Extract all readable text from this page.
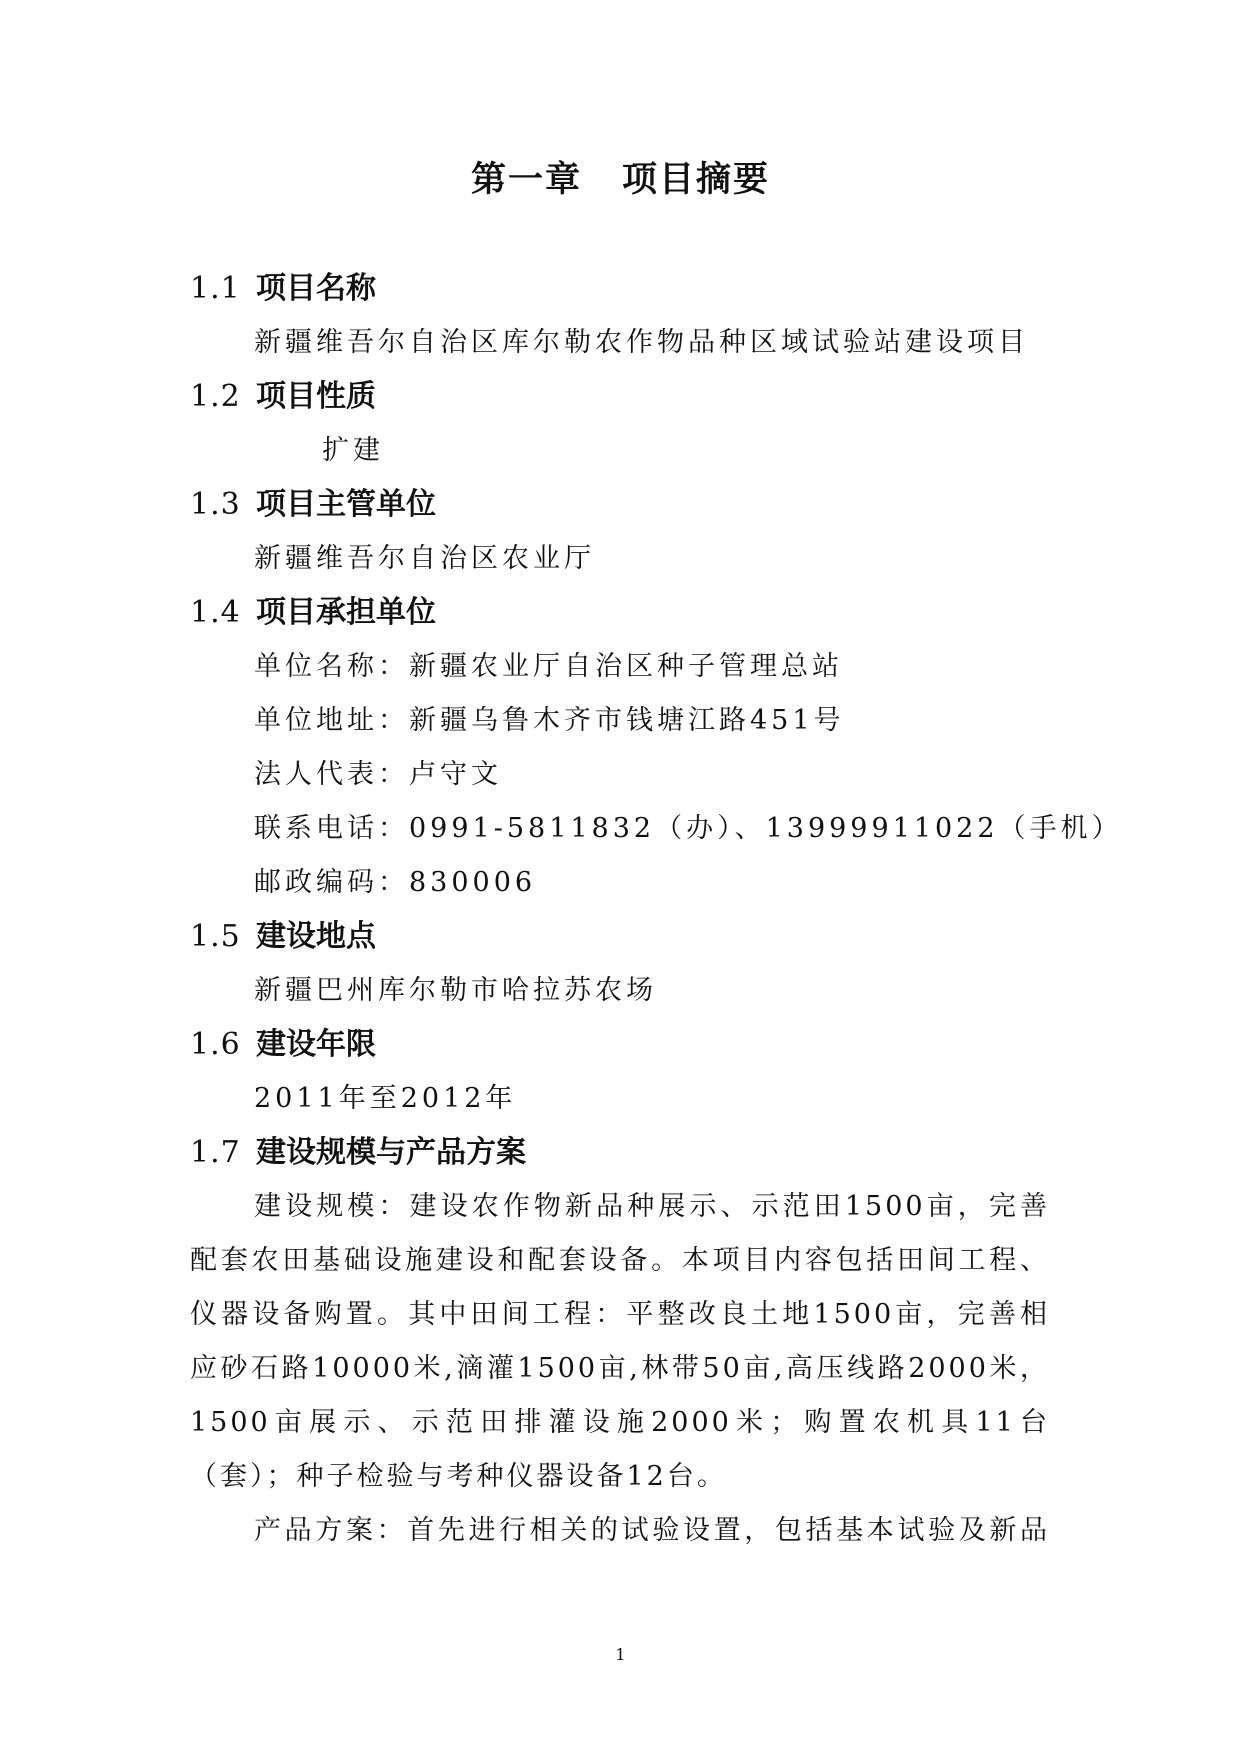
第一章 项目摘要
1.1 项目名称
新疆维吾尔自治区库尔勒农作物品种区域试验站建设项目
1.2 项目性质
扩建
1.3 项目主管单位
新疆维吾尔自治区农业厅
1.4 项目承担单位
单位名称：新疆农业厅自治区种子管理总站
单位地址：新疆乌鲁木齐市钱塘江路451号
法人代表：卢守文
联系电话：0991-5811832（办）、13999911022（手机）
邮政编码：830006
1.5 建设地点
新疆巴州库尔勒市哈拉苏农场
1.6 建设年限
2011年至2012年
1.7 建设规模与产品方案
建设规模：建设农作物新品种展示、示范田1500亩，完善
配套农田基础设施建设和配套设备。本项目内容包括田间工程、
仪器设备购置。其中田间工程：平整改良土地1500亩，完善相
应砂石路10000米,滴灌1500亩,林带50亩,高压线路2000米，
1500亩展示、示范田排灌设施2000米；购置农机具11台
（套）；种子检验与考种仪器设备12台。
产品方案：首先进行相关的试验设置，包括基本试验及新品
1
